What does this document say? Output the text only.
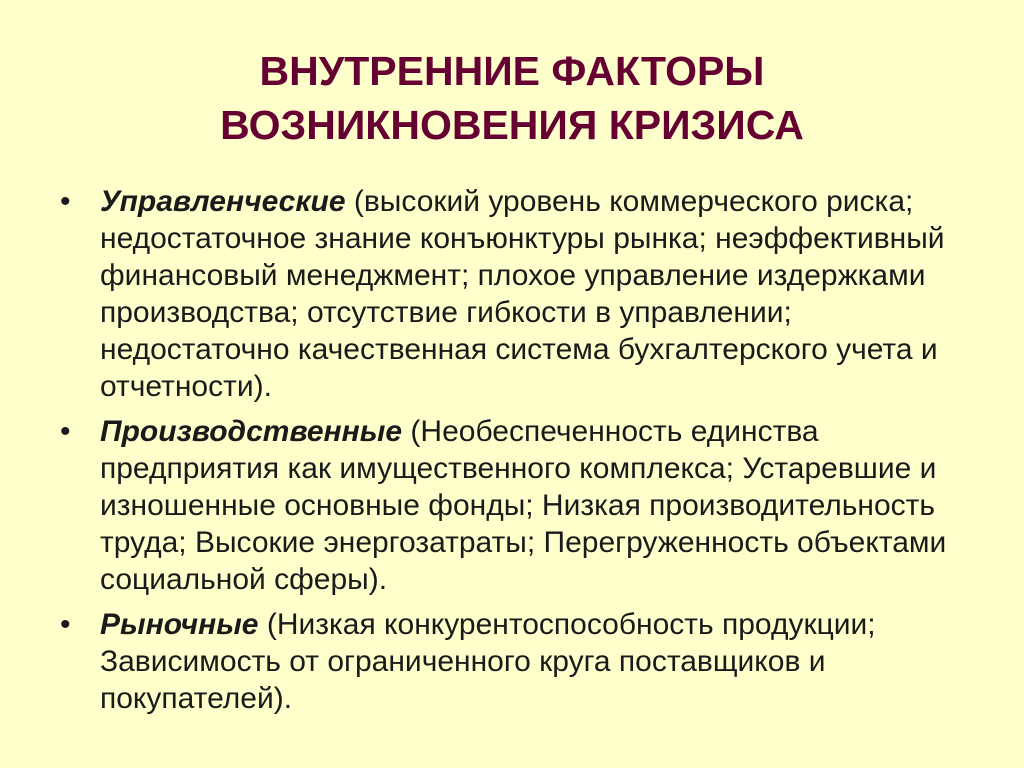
ВНУТРЕННИЕ ФАКТОРЫ
ВОЗНИКНОВЕНИЯ КРИЗИСА
• Управленческие (высокий уровень коммерческого риска; недостаточное знание конъюнктуры рынка; неэффективный финансовый менеджмент; плохое управление издержками производства; отсутствие гибкости в управлении; недостаточно качественная система бухгалтерского учета и отчетности).
• Производственные (Необеспеченность единства предприятия как имущественного комплекса; Устаревшие и изношенные основные фонды; Низкая производительность труда; Высокие энергозатраты; Перегруженность объектами социальной сферы).
• Рыночные (Низкая конкурентоспособность продукции; Зависимость от ограниченного круга поставщиков и покупателей).
